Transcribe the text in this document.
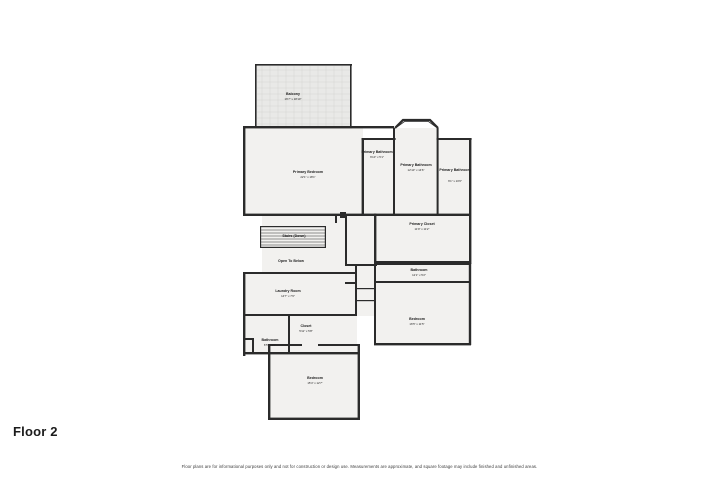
Balcony
16'7" x 18'10"
Primary Bedroom
22'1" x 18'1"
Primary Bathroom
6'10" x 5'1"
Primary Bathroom
12'10" x 14'6"	Primary Bathroom
6'1" x 10'6"
Primary Closet
11'9" x 11'2"
Stairs (Down)
Open To Below
Bathroom
12'1" x 5'2"
Laundry Room
14'7" x 7'6"
Bedroom
16'5" x 11'5"
Closet
5'11" x 5'8"
Bathroom
6'5" x 9'6"
Bedroom
15'4" x 12'7"
Floor 2
Floor plans are for informational purposes only and not for construction or design use. Measurements are approximate, and square footage may include finished and unfinished areas.
